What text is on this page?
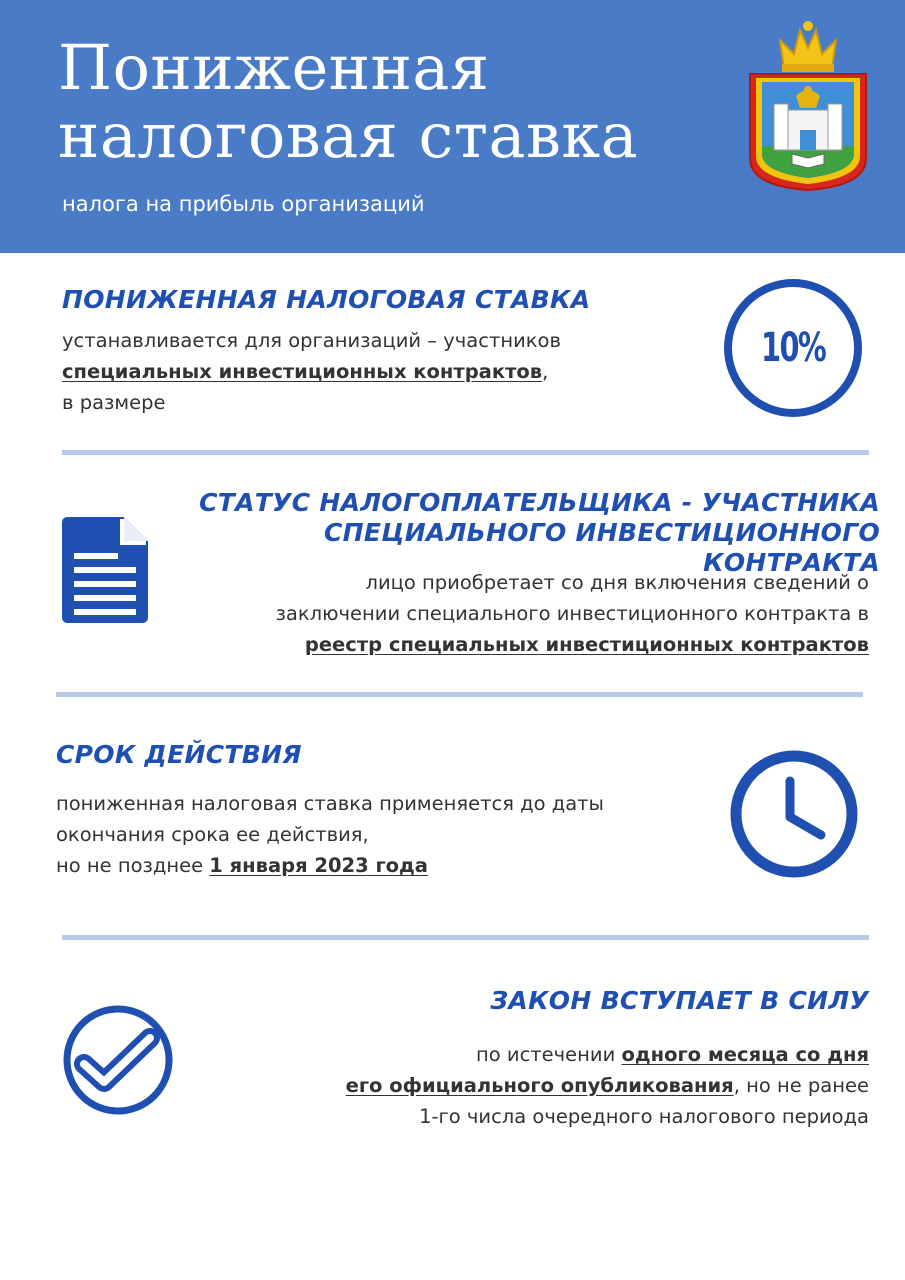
Пониженная
налоговая ставка
налога на прибыль организаций
ПОНИЖЕННАЯ НАЛОГОВАЯ СТАВКА
устанавливается для организаций – участников
специальных инвестиционных контрактов,
в размере
10%
СТАТУС НАЛОГОПЛАТЕЛЬЩИКА - УЧАСТНИКА
СПЕЦИАЛЬНОГО ИНВЕСТИЦИОННОГО КОНТРАКТА
лицо приобретает со дня включения сведений о
заключении специального инвестиционного контракта в
реестр специальных инвестиционных контрактов
СРОК ДЕЙСТВИЯ
пониженная налоговая ставка применяется до даты
окончания срока ее действия,
но не позднее 1 января 2023 года
ЗАКОН ВСТУПАЕТ В СИЛУ
по истечении одного месяца со дня
его официального опубликования, но не ранее
1-го числа очередного налогового периода
